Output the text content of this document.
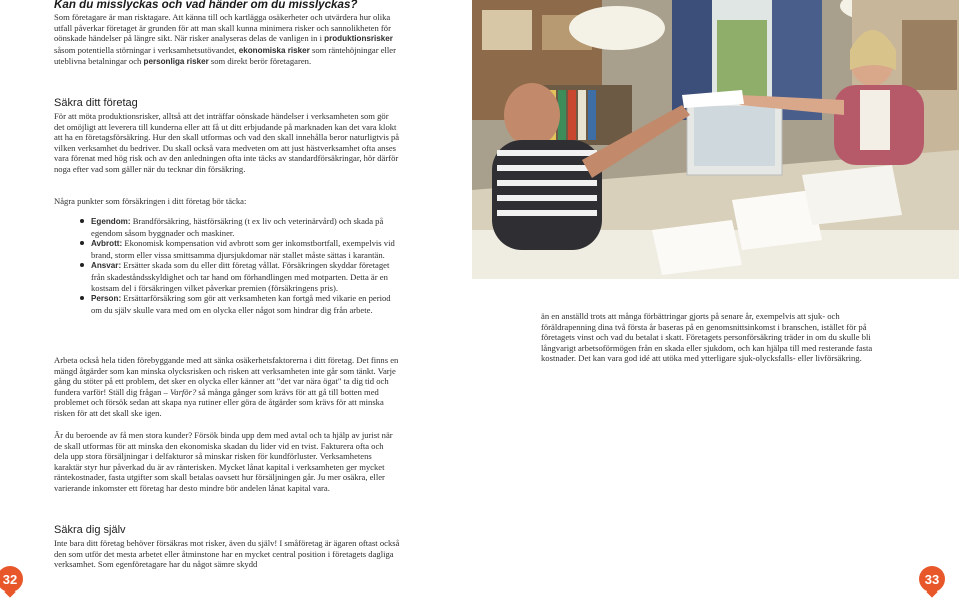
Kan du misslyckas och vad händer om du misslyckas?

Som företagare är man risktagare. Att känna till och kartlägga osäkerheter och utvärdera hur olika utfall påverkar företaget är grunden för att man skall kunna minimera risker och sannolikheten för oönskade händelser på längre sikt. När risker analyseras delas de vanligen in i produktionsrisker såsom potentiella störningar i verksamhetsutövandet, ekonomiska risker som räntehöjningar eller uteblivna betalningar och personliga risker som direkt berör företagaren.

Säkra ditt företag

För att möta produktionsrisker, alltså att det inträffar oönskade händelser i verksamheten som gör det omöjligt att leverera till kunderna eller att få ut ditt erbjudande på marknaden kan det vara klokt att ha en företagsförsäkring. Hur den skall utformas och vad den skall innehålla beror naturligtvis på vilken verksamhet du bedriver. Du skall också vara medveten om att just hästverksamhet ofta anses vara förenat med hög risk och av den anledningen ofta inte täcks av standardförsäkringar, hör därför noga efter vad som gäller när du tecknar din försäkring.

Några punkter som försäkringen i ditt företag bör täcka:

Egendom: Brandförsäkring, hästförsäkring (t ex liv och veterinärvård) och skada på egendom såsom byggnader och maskiner.
Avbrott: Ekonomisk kompensation vid avbrott som ger inkomstbortfall, exempelvis vid brand, storm eller vissa smittsamma djursjukdomar när stallet måste sättas i karantän.
Ansvar: Ersätter skada som du eller ditt företag vållat. Försäkringen skyddar företaget från skadeståndsskyldighet och tar hand om förhandlingen med motparten. Detta är en kostsam del i försäkringen vilket påverkar premien (försäkringens pris).
Person: Ersättarförsäkring som gör att verksamheten kan fortgå med vikarie en period om du själv skulle vara med om en olycka eller något som hindrar dig från arbete.

Arbeta också hela tiden förebyggande med att sänka osäkerhetsfaktorerna i ditt företag. Det finns en mängd åtgärder som kan minska olycksrisken och risken att verksamheten inte går som tänkt. Varje gång du stöter på ett problem, det sker en olycka eller känner att "det var nära ögat" ta dig tid och fundera varför! Ställ dig frågan – Varför? så många gånger som krävs för att gå till botten med problemet och försök sedan att skapa nya rutiner eller göra de åtgärder som krävs för att minska risken för att det skall ske igen.

Är du beroende av få men stora kunder? Försök binda upp dem med avtal och ta hjälp av jurist när de skall utformas för att minska den ekonomiska skadan du lider vid en tvist. Fakturera ofta och dela upp stora försäljningar i delfakturor så minskar risken för kundförluster. Verksamhetens karaktär styr hur påverkad du är av ränterisken. Mycket lånat kapital i verksamheten ger mycket räntekostnader, fasta utgifter som skall betalas oavsett hur försäljningen går. Ju mer osäkra, eller varierande inkomster ett företag har desto mindre bör andelen lånat kapital vara.

Säkra dig själv

Inte bara ditt företag behöver försäkras mot risker, även du själv! I småföretag är ägaren oftast också den som utför det mesta arbetet eller åtminstone har en mycket central position i företagets dagliga verksamhet. Som egenföretagare har du något sämre skydd

32

än en anställd trots att många förbättringar gjorts på senare år, exempelvis att sjuk- och föräldrapenning dina två första år baseras på en genomsnittsinkomst i branschen, istället för på företagets vinst och vad du betalat i skatt. Företagets personförsäkring träder in om du skulle bli långvarigt arbetsoförmögen från en skada eller sjukdom, och kan hjälpa till med resterande fasta kostnader. Det kan vara god idé att utöka med ytterligare sjuk-olycksfalls- eller livförsäkring.

33
